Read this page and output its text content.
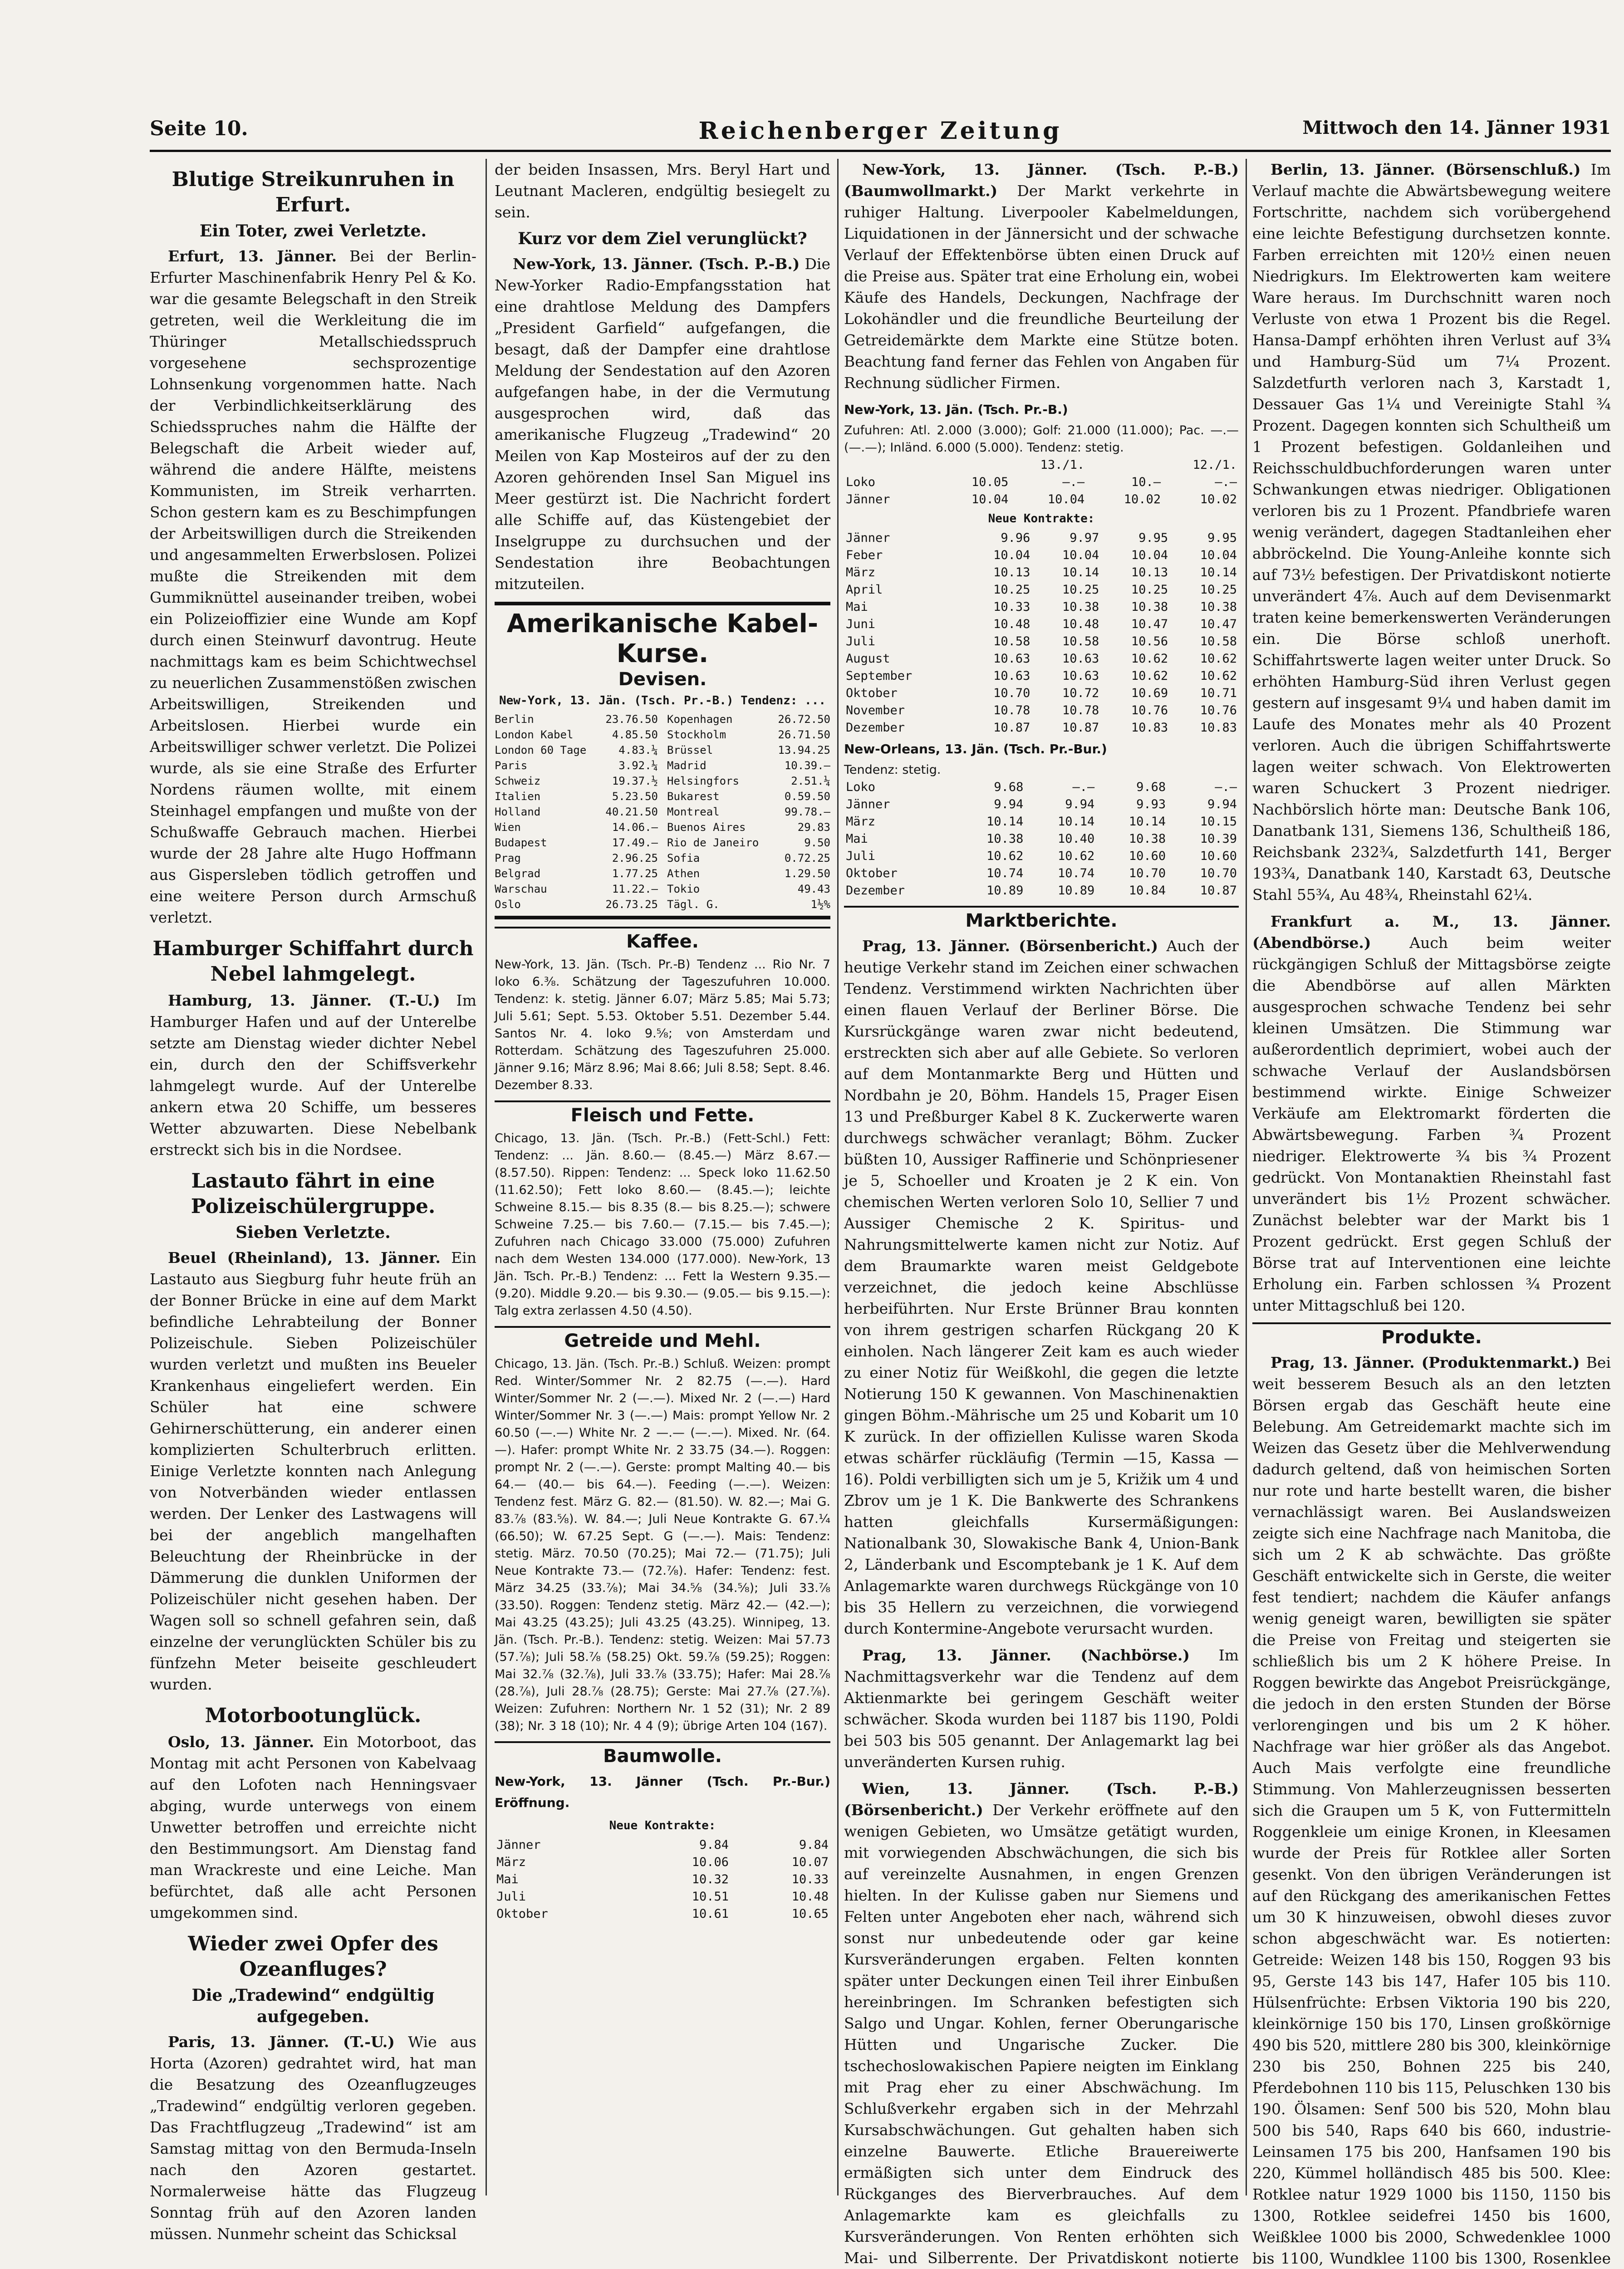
Reichenberger Zeitung
Seite 10.	Mittwoch den 14. Jänner 1931
Blutige Streikunruhen in Erfurt.
Ein Toter, zwei Verletzte.

Erfurt, 13. Jänner. Bei der Berlin-Erfurter Maschinenfabrik Henry Pel & Ko. war die gesamte Belegschaft in den Streik getreten, weil die Werkleitung die im Thüringer Metallschiedsspruch vorgesehene sechsprozentige Lohnsenkung vorgenommen hatte. Nach der Verbindlichkeitserklärung des Schiedsspruches nahm die Hälfte der Belegschaft die Arbeit wieder auf, während die andere Hälfte, meistens Kommunisten, im Streik verharrten. Schon gestern kam es zu Beschimpfungen der Arbeitswilligen durch die Streikenden und angesammelten Erwerbslosen. Polizei mußte die Streikenden mit dem Gummiknüttel auseinander treiben, wobei ein Polizeioffizier eine Wunde am Kopf durch einen Steinwurf davontrug. Heute nachmittags kam es beim Schichtwechsel zu neuerlichen Zusammenstößen zwischen Arbeitswilligen, Streikenden und Arbeitslosen. Hierbei wurde ein Arbeitswilliger schwer verletzt. Die Polizei wurde, als sie eine Straße des Erfurter Nordens räumen wollte, mit einem Steinhagel empfangen und mußte von der Schußwaffe Gebrauch machen. Hierbei wurde der 28 Jahre alte Hugo Hoffmann aus Gispersleben tödlich getroffen und eine weitere Person durch Armschuß verletzt.

Hamburger Schiffahrt durch Nebel lahmgelegt.

Hamburg, 13. Jänner. (T.-U.) Im Hamburger Hafen und auf der Unterelbe setzte am Dienstag wieder dichter Nebel ein, durch den der Schiffsverkehr lahmgelegt wurde. Auf der Unterelbe ankern etwa 20 Schiffe, um besseres Wetter abzuwarten. Diese Nebelbank erstreckt sich bis in die Nordsee.

Lastauto fährt in eine Polizeischülergruppe.
Sieben Verletzte.

Beuel (Rheinland), 13. Jänner. Ein Lastauto aus Siegburg fuhr heute früh an der Bonner Brücke in eine auf dem Markt befindliche Lehrabteilung der Bonner Polizeischule. Sieben Polizeischüler wurden verletzt und mußten ins Beueler Krankenhaus eingeliefert werden. Ein Schüler hat eine schwere Gehirnerschütterung, ein anderer einen komplizierten Schulterbruch erlitten. Einige Verletzte konnten nach Anlegung von Notverbänden wieder entlassen werden. Der Lenker des Lastwagens will bei der angeblich mangelhaften Beleuchtung der Rheinbrücke in der Dämmerung die dunklen Uniformen der Polizeischüler nicht gesehen haben. Der Wagen soll so schnell gefahren sein, daß einzelne der verunglückten Schüler bis zu fünfzehn Meter beiseite geschleudert wurden.

Motorbootunglück.

Oslo, 13. Jänner. Ein Motorboot, das Montag mit acht Personen von Kabelvaag auf den Lofoten nach Henningsvaer abging, wurde unterwegs von einem Unwetter betroffen und erreichte nicht den Bestimmungsort. Am Dienstag fand man Wrackreste und eine Leiche. Man befürchtet, daß alle acht Personen umgekommen sind.

Wieder zwei Opfer des Ozeanfluges?
Die „Tradewind“ endgültig aufgegeben.

Paris, 13. Jänner. (T.-U.) Wie aus Horta (Azoren) gedrahtet wird, hat man die Besatzung des Ozeanflugzeuges „Tradewind“ endgültig verloren gegeben. Das Frachtflugzeug „Tradewind“ ist am Samstag mittag von den Bermuda-Inseln nach den Azoren gestartet. Normalerweise hätte das Flugzeug Sonntag früh auf den Azoren landen müssen. Nunmehr scheint das Schicksal

der beiden Insassen, Mrs. Beryl Hart und Leutnant Macleren, endgültig besiegelt zu sein.

Kurz vor dem Ziel verunglückt?

New-York, 13. Jänner. (Tsch. P.-B.) Die New-Yorker Radio-Empfangsstation hat eine drahtlose Meldung des Dampfers „President Garfield“ aufgefangen, die besagt, daß der Dampfer eine drahtlose Meldung der Sendestation auf den Azoren aufgefangen habe, in der die Vermutung ausgesprochen wird, daß das amerikanische Flugzeug „Tradewind“ 20 Meilen von Kap Mosteiros auf der zu den Azoren gehörenden Insel San Miguel ins Meer gestürzt ist. Die Nachricht fordert alle Schiffe auf, das Küstengebiet der Inselgruppe zu durchsuchen und der Sendestation ihre Beobachtungen mitzuteilen.

Amerikanische Kabel-Kurse.
Devisen.
New-York, 13. Jän. (Tsch. Pr.-B.) Tendenz: ...
Berlin	23.76.50 Kopenhagen	26.72.50
London Kabel	4.85.50 Stockholm	26.71.50
London 60 Tage	4.83.¼ Brüssel	13.94.25
Paris	3.92.¼ Madrid	10.39.—
Schweiz	19.37.½ Helsingfors	2.51.¼
Italien	5.23.50 Bukarest	0.59.50
Holland	40.21.50 Montreal	99.78.—
Wien	14.06.— Buenos Aires	29.83
Budapest	17.49.— Rio de Janeiro	9.50
Prag	2.96.25 Sofia	0.72.25
Belgrad	1.77.25 Athen	1.29.50
Warschau	11.22.— Tokio	49.43
Oslo	26.73.25 Tägl. G.	1½%
Kaffee.
New-York, 13. Jän. (Tsch. Pr.-B) Tendenz ... Rio Nr. 7 loko 6.⅜. Schätzung der Tageszufuhren 10.000. Tendenz: k. stetig. Jänner 6.07; März 5.85; Mai 5.73; Juli 5.61; Sept. 5.53. Oktober 5.51. Dezember 5.44. Santos Nr. 4. loko 9.⅝; von Amsterdam und Rotterdam. Schätzung des Tageszufuhren 25.000. Jänner 9.16; März 8.96; Mai 8.66; Juli 8.58; Sept. 8.46. Dezember 8.33.
Fleisch und Fette.
Chicago, 13. Jän. (Tsch. Pr.-B.) (Fett-Schl.) Fett: Tendenz: ... Jän. 8.60.— (8.45.—) März 8.67.— (8.57.50). Rippen: Tendenz: ... Speck loko 11.62.50 (11.62.50); Fett loko 8.60.— (8.45.—); leichte Schweine 8.15.— bis 8.35 (8.— bis 8.25.—); schwere Schweine 7.25.— bis 7.60.— (7.15.— bis 7.45.—); Zufuhren nach Chicago 33.000 (75.000) Zufuhren nach dem Westen 134.000 (177.000). New-York, 13 Jän. Tsch. Pr.-B.) Tendenz: ... Fett la Western 9.35.— (9.20). Middle 9.20.— bis 9.30.— (9.05.— bis 9.15.—): Talg extra zerlassen 4.50 (4.50).
Getreide und Mehl.
Chicago, 13. Jän. (Tsch. Pr.-B.) Schluß. Weizen: prompt Red. Winter/Sommer Nr. 2 82.75 (—.—). Hard Winter/Sommer Nr. 2 (—.—). Mixed Nr. 2 (—.—) Hard Winter/Sommer Nr. 3 (—.—) Mais: prompt Yellow Nr. 2 60.50 (—.—) White Nr. 2 —.— (—.—). Mixed. Nr. (64.—). Hafer: prompt White Nr. 2 33.75 (34.—). Roggen: prompt Nr. 2 (—.—). Gerste: prompt Malting 40.— bis 64.— (40.— bis 64.—). Feeding (—.—). Weizen: Tendenz fest. März G. 82.— (81.50). W. 82.—; Mai G. 83.⅞ (83.⅝). W. 84.—; Juli Neue Kontrakte G. 67.¼ (66.50); W. 67.25 Sept. G (—.—). Mais: Tendenz: stetig. März. 70.50 (70.25); Mai 72.— (71.75); Juli Neue Kontrakte 73.— (72.⅞). Hafer: Tendenz: fest. März 34.25 (33.⅞); Mai 34.⅝ (34.⅝); Juli 33.⅞ (33.50). Roggen: Tendenz stetig. März 42.— (42.—); Mai 43.25 (43.25); Juli 43.25 (43.25). Winnipeg, 13. Jän. (Tsch. Pr.-B.). Tendenz: stetig. Weizen: Mai 57.73 (57.⅞); Juli 58.⅞ (58.25) Okt. 59.⅞ (59.25); Roggen: Mai 32.⅞ (32.⅞), Juli 33.⅞ (33.75); Hafer: Mai 28.⅞ (28.⅞), Juli 28.⅞ (28.75); Gerste: Mai 27.⅞ (27.⅞). Weizen: Zufuhren: Northern Nr. 1 52 (31); Nr. 2 89 (38); Nr. 3 18 (10); Nr. 4 4 (9); übrige Arten 104 (167).
Baumwolle.
New-York, 13. Jänner (Tsch. Pr.-Bur.) Eröffnung.
Neue Kontrakte:
Jänner	9.84	9.84
März	10.06	10.07
Mai	10.32	10.33
Juli	10.51	10.48
Oktober	10.61	10.65

New-York, 13. Jänner. (Tsch. P.-B.) (Baumwollmarkt.) Der Markt verkehrte in ruhiger Haltung. Liverpooler Kabelmeldungen, Liquidationen in der Jännersicht und der schwache Verlauf der Effektenbörse übten einen Druck auf die Preise aus. Später trat eine Erholung ein, wobei Käufe des Handels, Deckungen, Nachfrage der Lokohändler und die freundliche Beurteilung der Getreidemärkte dem Markte eine Stütze boten. Beachtung fand ferner das Fehlen von Angaben für Rechnung südlicher Firmen.

New-York, 13. Jän. (Tsch. Pr.-B.)
Zufuhren: Atl. 2.000 (3.000); Golf: 21.000 (11.000); Pac. —.— (—.—); Inländ. 6.000 (5.000). Tendenz: stetig.
	13./1.		12./1.	
Loko	10.05	—.—	10.—	—.—
Jänner	10.04	10.04	10.02	10.02
Neue Kontrakte:
Jänner	9.96	9.97	9.95	9.95
Feber	10.04	10.04	10.04	10.04
März	10.13	10.14	10.13	10.14
April	10.25	10.25	10.25	10.25
Mai	10.33	10.38	10.38	10.38
Juni	10.48	10.48	10.47	10.47
Juli	10.58	10.58	10.56	10.58
August	10.63	10.63	10.62	10.62
September	10.63	10.63	10.62	10.62
Oktober	10.70	10.72	10.69	10.71
November	10.78	10.78	10.76	10.76
Dezember	10.87	10.87	10.83	10.83
New-Orleans, 13. Jän. (Tsch. Pr.-Bur.)
Tendenz: stetig.
Loko	9.68	—.—	9.68	—.—
Jänner	9.94	9.94	9.93	9.94
März	10.14	10.14	10.14	10.15
Mai	10.38	10.40	10.38	10.39
Juli	10.62	10.62	10.60	10.60
Oktober	10.74	10.74	10.70	10.70
Dezember	10.89	10.89	10.84	10.87
Marktberichte.

Prag, 13. Jänner. (Börsenbericht.) Auch der heutige Verkehr stand im Zeichen einer schwachen Tendenz. Verstimmend wirkten Nachrichten über einen flauen Verlauf der Berliner Börse. Die Kursrückgänge waren zwar nicht bedeutend, erstreckten sich aber auf alle Gebiete. So verloren auf dem Montanmarkte Berg und Hütten und Nordbahn je 20, Böhm. Handels 15, Prager Eisen 13 und Preßburger Kabel 8 K. Zuckerwerte waren durchwegs schwächer veranlagt; Böhm. Zucker büßten 10, Aussiger Raffinerie und Schönpriesener je 5, Schoeller und Kroaten je 2 K ein. Von chemischen Werten verloren Solo 10, Sellier 7 und Aussiger Chemische 2 K. Spiritus- und Nahrungsmittelwerte kamen nicht zur Notiz. Auf dem Braumarkte waren meist Geldgebote verzeichnet, die jedoch keine Abschlüsse herbeiführten. Nur Erste Brünner Brau konnten von ihrem gestrigen scharfen Rückgang 20 K einholen. Nach längerer Zeit kam es auch wieder zu einer Notiz für Weißkohl, die gegen die letzte Notierung 150 K gewannen. Von Maschinenaktien gingen Böhm.-Mährische um 25 und Kobarit um 10 K zurück. In der offiziellen Kulisse waren Skoda etwas schärfer rückläufig (Termin —15, Kassa —16). Poldi verbilligten sich um je 5, Križik um 4 und Zbrov um je 1 K. Die Bankwerte des Schrankens hatten gleichfalls Kursermäßigungen: Nationalbank 30, Slowakische Bank 4, Union-Bank 2, Länderbank und Escomptebank je 1 K. Auf dem Anlagemarkte waren durchwegs Rückgänge von 10 bis 35 Hellern zu verzeichnen, die vorwiegend durch Kontermine-Angebote verursacht wurden.

Prag, 13. Jänner. (Nachbörse.) Im Nachmittagsverkehr war die Tendenz auf dem Aktienmarkte bei geringem Geschäft weiter schwächer. Skoda wurden bei 1187 bis 1190, Poldi bei 503 bis 505 genannt. Der Anlagemarkt lag bei unveränderten Kursen ruhig.

Wien, 13. Jänner. (Tsch. P.-B.) (Börsenbericht.) Der Verkehr eröffnete auf den wenigen Gebieten, wo Umsätze getätigt wurden, mit vorwiegenden Abschwächungen, die sich bis auf vereinzelte Ausnahmen, in engen Grenzen hielten. In der Kulisse gaben nur Siemens und Felten unter Angeboten eher nach, während sich sonst nur unbedeutende oder gar keine Kursveränderungen ergaben. Felten konnten später unter Deckungen einen Teil ihrer Einbußen hereinbringen. Im Schranken befestigten sich Salgo und Ungar. Kohlen, ferner Oberungarische Hütten und Ungarische Zucker. Die tschechoslowakischen Papiere neigten im Einklang mit Prag eher zu einer Abschwächung. Im Schlußverkehr ergaben sich in der Mehrzahl Kursabschwächungen. Gut gehalten haben sich einzelne Bauwerte. Etliche Brauereiwerte ermäßigten sich unter dem Eindruck des Rückganges des Bierverbrauches. Auf dem Anlagemarkte kam es gleichfalls zu Kursveränderungen. Von Renten erhöhten sich Mai- und Silberrente. Der Privatdiskont notierte

Berlin, 13. Jänner. (Börsenschluß.) Im Verlauf machte die Abwärtsbewegung weitere Fortschritte, nachdem sich vorübergehend eine leichte Befestigung durchsetzen konnte. Farben erreichten mit 120½ einen neuen Niedrigkurs. Im Elektrowerten kam weitere Ware heraus. Im Durchschnitt waren noch Verluste von etwa 1 Prozent bis die Regel. Hansa-Dampf erhöhten ihren Verlust auf 3¾ und Hamburg-Süd um 7¼ Prozent. Salzdetfurth verloren nach 3, Karstadt 1, Dessauer Gas 1¼ und Vereinigte Stahl ¾ Prozent. Dagegen konnten sich Schultheiß um 1 Prozent befestigen. Goldanleihen und Reichsschuldbuchforderungen waren unter Schwankungen etwas niedriger. Obligationen verloren bis zu 1 Prozent. Pfandbriefe waren wenig verändert, dagegen Stadtanleihen eher abbröckelnd. Die Young-Anleihe konnte sich auf 73½ befestigen. Der Privatdiskont notierte unverändert 4⅞. Auch auf dem Devisenmarkt traten keine bemerkenswerten Veränderungen ein. Die Börse schloß unerhoft. Schiffahrtswerte lagen weiter unter Druck. So erhöhten Hamburg-Süd ihren Verlust gegen gestern auf insgesamt 9¼ und haben damit im Laufe des Monates mehr als 40 Prozent verloren. Auch die übrigen Schiffahrtswerte lagen weiter schwach. Von Elektrowerten waren Schuckert 3 Prozent niedriger. Nachbörslich hörte man: Deutsche Bank 106, Danatbank 131, Siemens 136, Schultheiß 186, Reichsbank 232¾, Salzdetfurth 141, Berger 193¾, Danatbank 140, Karstadt 63, Deutsche Stahl 55¾, Au 48¾, Rheinstahl 62¼.

Frankfurt a. M., 13. Jänner. (Abendbörse.)	Auch beim weiter rückgängigen Schluß der Mittagsbörse zeigte die Abendbörse auf allen Märkten ausgesprochen schwache Tendenz bei sehr kleinen Umsätzen. Die Stimmung war außerordentlich deprimiert, wobei auch der schwache Verlauf der Auslandsbörsen bestimmend wirkte. Einige Schweizer Verkäufe am Elektromarkt förderten die Abwärtsbewegung. Farben ¾ Prozent niedriger. Elektrowerte ¾ bis ¾ Prozent gedrückt. Von Montanaktien Rheinstahl fast unverändert bis 1½ Prozent schwächer. Zunächst belebter war der Markt bis 1 Prozent gedrückt. Erst gegen Schluß der Börse trat auf Interventionen eine leichte Erholung ein. Farben schlossen ¾ Prozent unter Mittagschluß bei 120.

Produkte.

Prag, 13. Jänner. (Produktenmarkt.) Bei weit besserem Besuch als an den letzten Börsen ergab das Geschäft heute eine Belebung. Am Getreidemarkt machte sich im Weizen das Gesetz über die Mehlverwendung dadurch geltend, daß von heimischen Sorten nur rote und harte bestellt waren, die bisher vernachlässigt waren. Bei Auslandsweizen zeigte sich eine Nachfrage nach Manitoba, die sich um 2 K ab schwächte. Das größte Geschäft entwickelte sich in Gerste, die weiter fest tendiert; nachdem die Käufer anfangs wenig geneigt waren, bewilligten sie später die Preise von Freitag und steigerten sie schließlich bis um 2 K höhere Preise. In Roggen bewirkte das Angebot Preisrückgänge, die jedoch in den ersten Stunden der Börse verlorengingen und bis um 2 K höher. Nachfrage war hier größer als das Angebot. Auch Mais verfolgte eine freundliche Stimmung. Von Mahlerzeugnissen besserten sich die Graupen um 5 K, von Futtermitteln Roggenkleie um einige Kronen, in Kleesamen wurde der Preis für Rotklee aller Sorten gesenkt. Von den übrigen Veränderungen ist auf den Rückgang des amerikanischen Fettes um 30 K hinzuweisen, obwohl dieses zuvor schon abgeschwächt war. Es notierten: Getreide: Weizen 148 bis 150, Roggen 93 bis 95, Gerste 143 bis 147, Hafer 105 bis 110. Hülsenfrüchte: Erbsen Viktoria 190 bis 220, kleinkörnige 150 bis 170, Linsen großkörnige 490 bis 520, mittlere 280 bis 300, kleinkörnige 230 bis 250, Bohnen 225 bis 240, Pferdebohnen 110 bis 115, Peluschken 130 bis 190. Ölsamen: Senf 500 bis 520, Mohn blau 500 bis 540, Raps 640 bis 660, industrie-Leinsamen 175 bis 200, Hanfsamen 190 bis 220, Kümmel holländisch 485 bis 500. Klee: Rotklee natur 1929 1000 bis 1150, 1150 bis 1300, Rotklee seidefrei 1450 bis 1600, Weißklee 1000 bis 2000, Schwedenklee 1000 bis 1100, Wundklee 1100 bis 1300, Rosenklee
